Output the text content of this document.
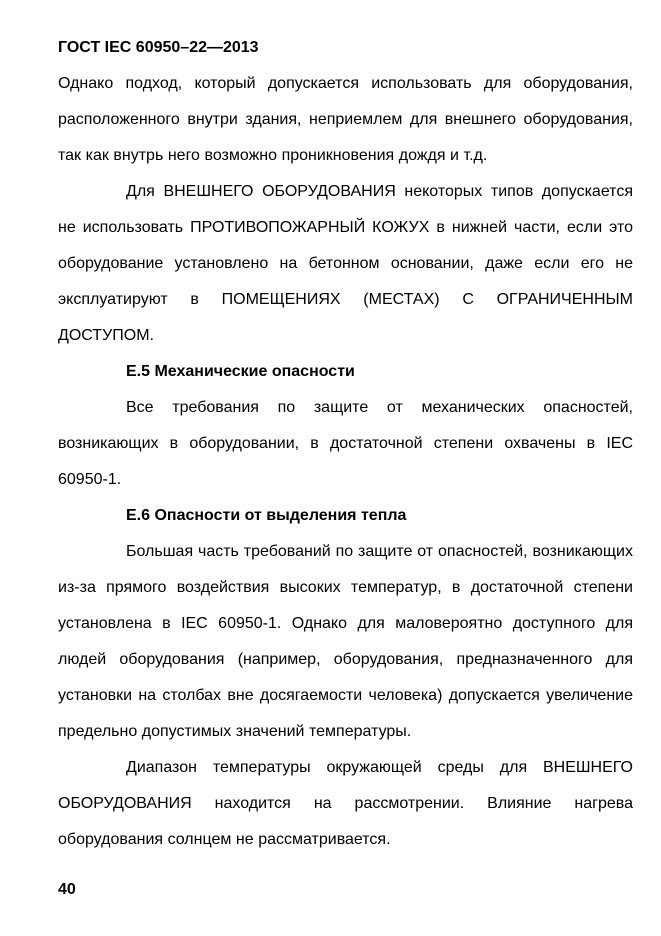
ГОСТ IEC 60950–22—2013

Однако подход, который допускается использовать для оборудования, расположенного внутри здания, неприемлем для внешнего оборудования, так как внутрь него возможно проникновения дождя и т.д.

Для ВНЕШНЕГО ОБОРУДОВАНИЯ некоторых типов допускается не использовать ПРОТИВОПОЖАРНЫЙ КОЖУХ в нижней части, если это оборудование установлено на бетонном основании, даже если его не эксплуатируют в ПОМЕЩЕНИЯХ (МЕСТАХ) С ОГРАНИЧЕННЫМ ДОСТУПОМ.

Е.5 Механические опасности

Все требования по защите от механических опасностей, возникающих в оборудовании, в достаточной степени охвачены в IEC 60950-1.

Е.6 Опасности от выделения тепла

Большая часть требований по защите от опасностей, возникающих из-за прямого воздействия высоких температур, в достаточной степени установлена в IEC 60950-1. Однако для маловероятно доступного для людей оборудования (например, оборудования, предназначенного для установки на столбах вне досягаемости человека) допускается увеличение предельно допустимых значений температуры.

Диапазон температуры окружающей среды для ВНЕШНЕГО ОБОРУДОВАНИЯ находится на рассмотрении. Влияние нагрева оборудования солнцем не рассматривается.

40
